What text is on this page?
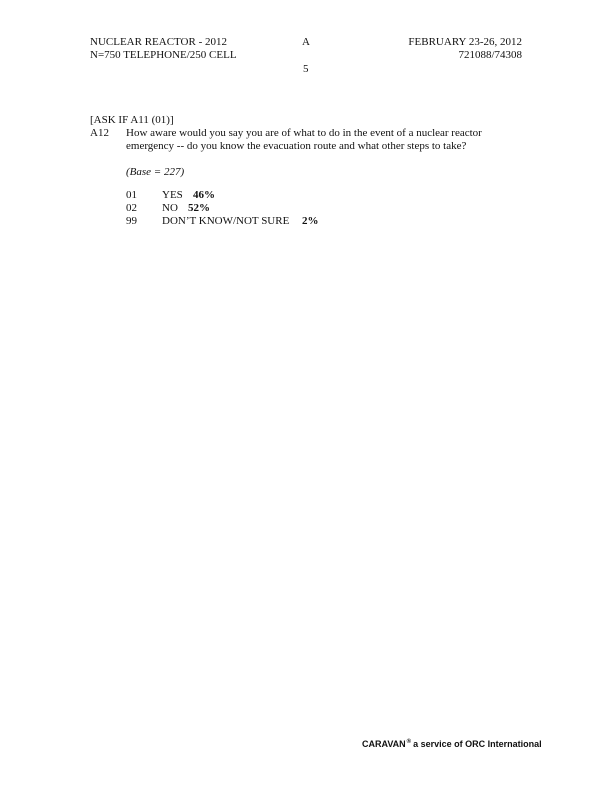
NUCLEAR REACTOR - 2012
N=750 TELEPHONE/250 CELL
A
5
FEBRUARY 23-26, 2012
721088/74308
[ASK IF A11 (01)]
A12 How aware would you say you are of what to do in the event of a nuclear reactor
emergency -- do you know the evacuation route and what other steps to take?
(Base = 227)
01 YES 46%
02 NO 52%
99 DON’T KNOW/NOT SURE 2%
CARAVAN® a service of ORC International
